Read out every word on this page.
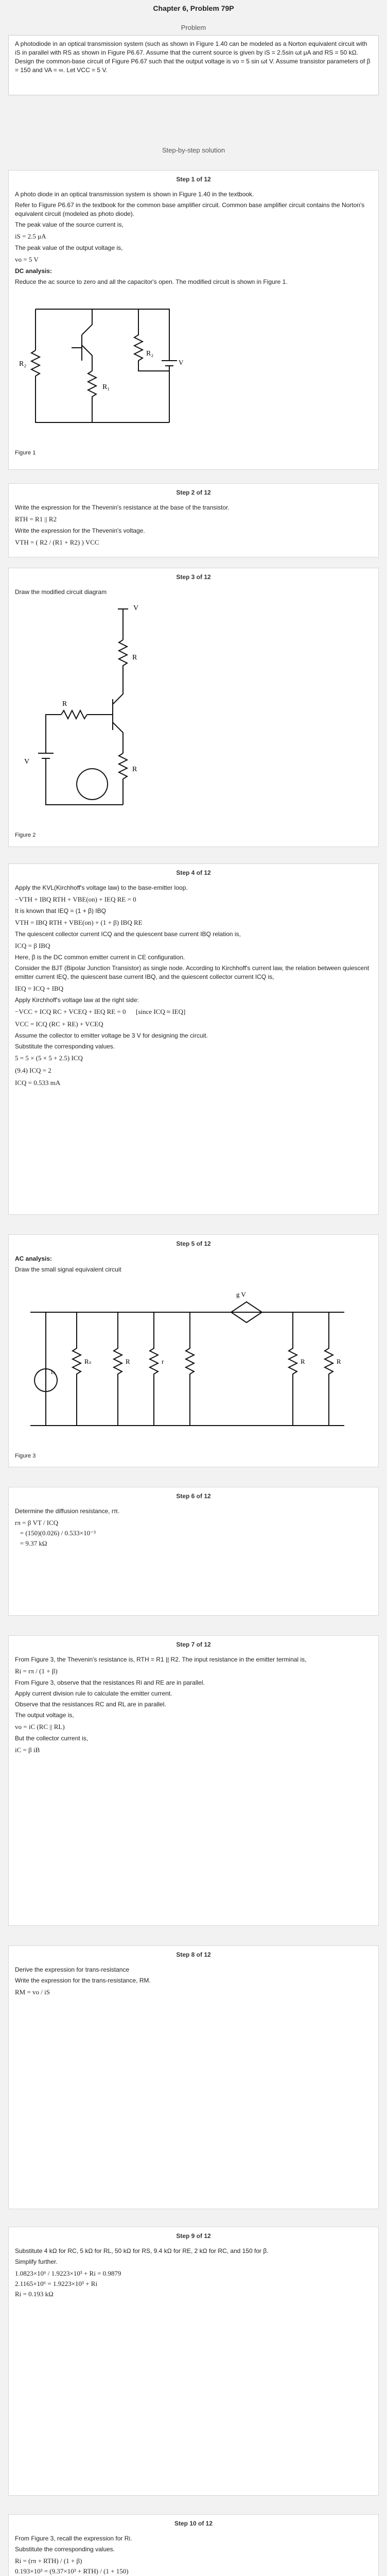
Chapter 6, Problem 79P
Problem

A photodiode in an optical transmission system (such as shown in Figure 1.40 can be modeled as a Norton equivalent circuit with iS in parallel with RS as shown in Figure P6.67. Assume that the current source is given by iS = 2.5sin ωt μA and RS = 50 kΩ. Design the common-base circuit of Figure P6.67 such that the output voltage is vo = 5 sin ωt V. Assume transistor parameters of β = 150 and VA = ∞. Let VCC = 5 V.

Step-by-step solution
Step 1 of 12

A photo diode in an optical transmission system is shown in Figure 1.40 in the textbook.

Refer to Figure P6.67 in the textbook for the common base amplifier circuit. Common base amplifier circuit contains the Norton's equivalent circuit (modeled as photo diode).

The peak value of the source current is,

iS = 2.5 μA

The peak value of the output voltage is,

vo = 5 V

DC analysis:

Reduce the ac source to zero and all the capacitor's open. The modified circuit is shown in Figure 1.

R₂
R₁
R₂
V
Figure 1
Step 2 of 12

Write the expression for the Thevenin's resistance at the base of the transistor.

RTH = R1 || R2

Write the expression for the Thevenin's voltage.

VTH = ( R2 / (R1 + R2) ) VCC

Step 3 of 12

Draw the modified circuit diagram

V
R
R
R
V
Figure 2
Step 4 of 12

Apply the KVL(Kirchhoff's voltage law) to the base-emitter loop.

−VTH + IBQ RTH + VBE(on) + IEQ RE = 0

It is known that IEQ = (1 + β) IBQ

VTH = IBQ RTH + VBE(on) + (1 + β) IBQ RE

The quiescent collector current ICQ and the quiescent base current IBQ relation is,

ICQ = β IBQ

Here, β is the DC common emitter current in CE configuration.

Consider the BJT (Bipolar Junction Transistor) as single node. According to Kirchhoff's current law, the relation between quiescent emitter current IEQ, the quiescent base current IBQ, and the quiescent collector current ICQ is,

IEQ = ICQ + IBQ

Apply Kirchhoff's voltage law at the right side:

−VCC + ICQ RC + VCEQ + IEQ RE = 0      [since ICQ ≈ IEQ]

VCC = ICQ (RC + RE) + VCEQ

Assume the collector to emitter voltage be 3 V for designing the circuit.

Substitute the corresponding values.

5 = 5 × (5 × 5 + 2.5) ICQ

(9.4) ICQ = 2

ICQ = 0.533 mA

Step 5 of 12

AC analysis:

Draw the small signal equivalent circuit

iₛ
Rₛ	R	r
g V
R	R
Figure 3
Step 6 of 12

Determine the diffusion resistance, rπ.

rπ = β VT / ICQ
= (150)(0.026) / 0.533×10⁻³
= 9.37 kΩ

Step 7 of 12

From Figure 3, the Thevenin's resistance is, RTH = R1 || R2. The input resistance in the emitter terminal is,

Ri = rπ / (1 + β)

From Figure 3, observe that the resistances Ri and RE are in parallel.

Apply current division rule to calculate the emitter current.

Observe that the resistances RC and RL are in parallel.

The output voltage is,

vo = iC (RC || RL)

But the collector current is,

iC = β iB

Step 8 of 12

Derive the expression for trans-resistance

Write the expression for the trans-resistance, RM.

RM = vo / iS

Step 9 of 12

Substitute 4 kΩ for RC, 5 kΩ for RL, 50 kΩ for RS, 9.4 kΩ for RE, 2 kΩ for RC, and 150 for β.

Simplify further.

1.0823×10⁶ / 1.9223×10³ + Ri = 0.9879
2.1165×10⁶ = 1.9223×10³ + Ri
Ri = 0.193 kΩ

Step 10 of 12

From Figure 3, recall the expression for Ri.

Substitute the corresponding values.

Ri = (rπ + RTH) / (1 + β)
0.193×10³ = (9.37×10³ + RTH) / (1 + 150)
